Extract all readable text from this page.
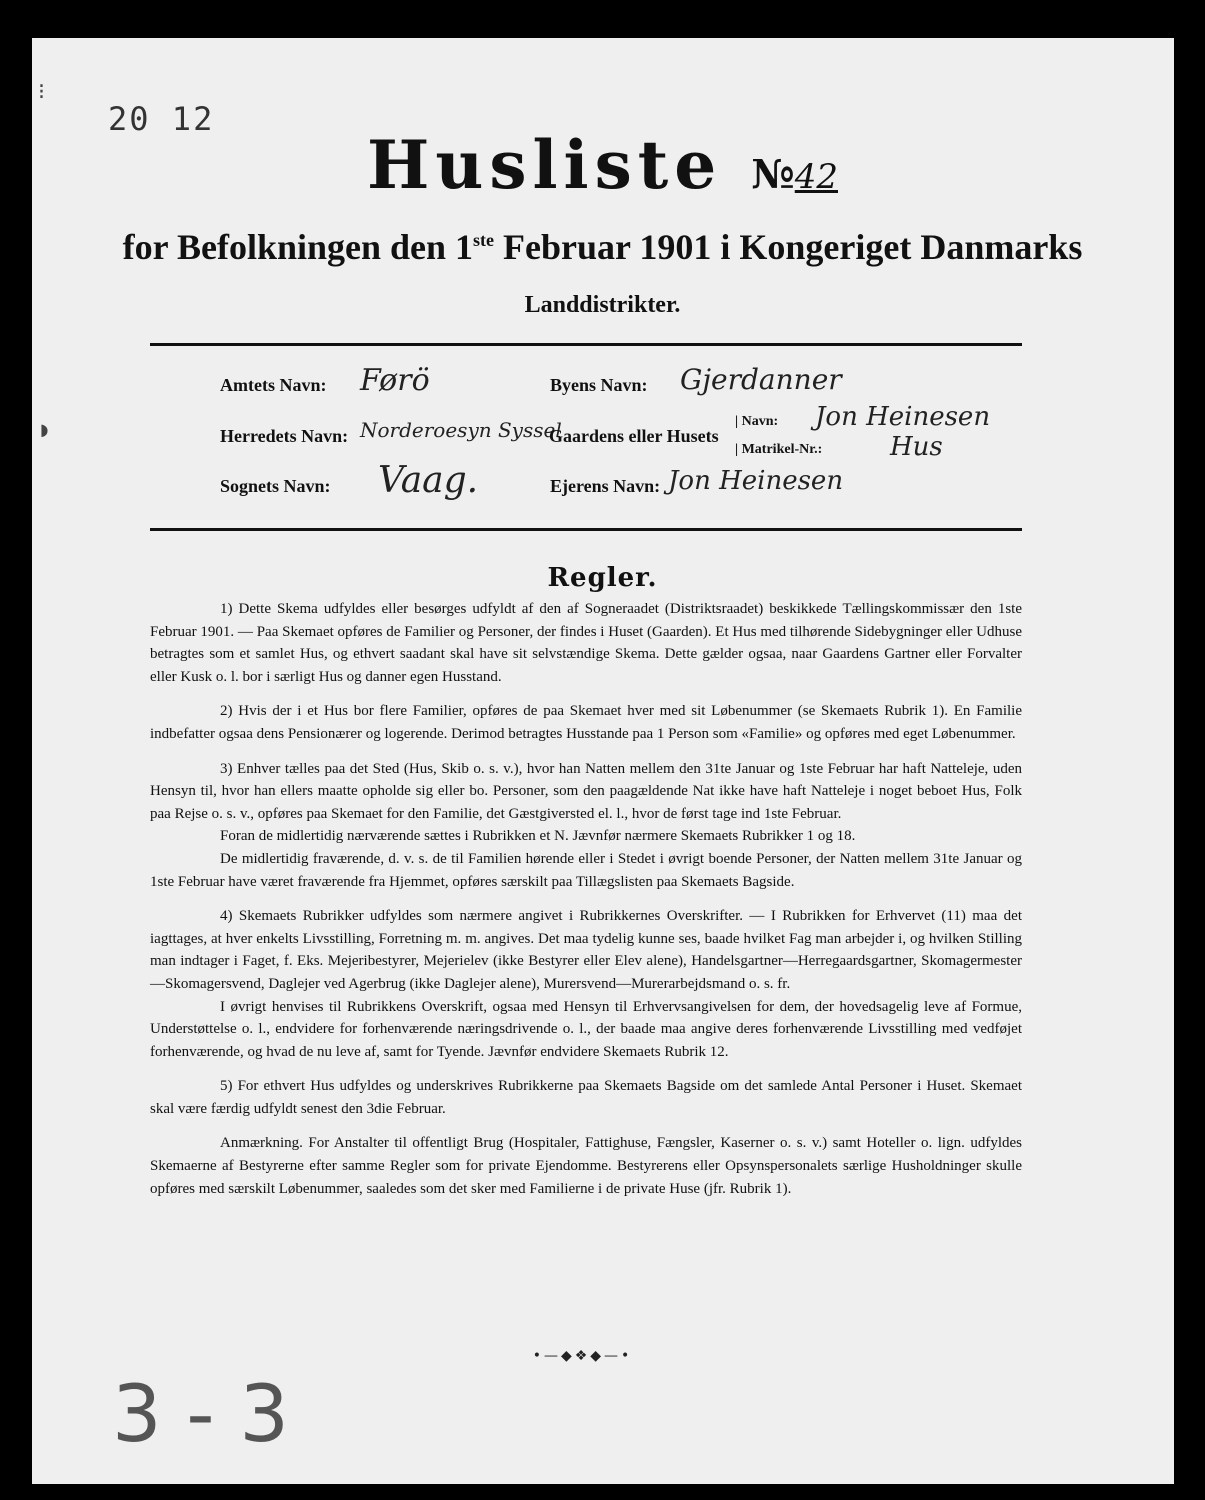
⁝
◗
20 12
Husliste №42
for Befolkningen den 1ste Februar 1901 i Kongeriget Danmarks
Landdistrikter.
Amtets Navn: Førö	Byens Navn: Gjerdanner
Herredets Navn: Norderoesyn Syssel
Gaardens eller Husets
| Navn:
| Matrikel-Nr.:
Jon Heinesen
Hus
Sognets Navn: Vaag.	Ejerens Navn: Jon Heinesen
Regler.

1) Dette Skema udfyldes eller besørges udfyldt af den af Sogneraadet (Distriktsraadet) beskikkede Tællingskommissær den 1ste Februar 1901. — Paa Skemaet opføres de Familier og Personer, der findes i Huset (Gaarden). Et Hus med tilhørende Sidebygninger eller Udhuse betragtes som et samlet Hus, og ethvert saadant skal have sit selvstændige Skema. Dette gælder ogsaa, naar Gaardens Gartner eller Forvalter eller Kusk o. l. bor i særligt Hus og danner egen Husstand.

2) Hvis der i et Hus bor flere Familier, opføres de paa Skemaet hver med sit Løbenummer (se Skemaets Rubrik 1). En Familie indbefatter ogsaa dens Pensionærer og logerende. Derimod betragtes Husstande paa 1 Person som «Familie» og opføres med eget Løbenummer.

3) Enhver tælles paa det Sted (Hus, Skib o. s. v.), hvor han Natten mellem den 31te Januar og 1ste Februar har haft Natteleje, uden Hensyn til, hvor han ellers maatte opholde sig eller bo. Personer, som den paagældende Nat ikke have haft Natteleje i noget beboet Hus, Folk paa Rejse o. s. v., opføres paa Skemaet for den Familie, det Gæstgiversted el. l., hvor de først tage ind 1ste Februar.

Foran de midlertidig nærværende sættes i Rubrikken et N. Jævnfør nærmere Skemaets Rubrikker 1 og 18.

De midlertidig fraværende, d. v. s. de til Familien hørende eller i Stedet i øvrigt boende Personer, der Natten mellem 31te Januar og 1ste Februar have været fraværende fra Hjemmet, opføres særskilt paa Tillægslisten paa Skemaets Bagside.

4) Skemaets Rubrikker udfyldes som nærmere angivet i Rubrikkernes Overskrifter. — I Rubrikken for Erhvervet (11) maa det iagttages, at hver enkelts Livsstilling, Forretning m. m. angives. Det maa tydelig kunne ses, baade hvilket Fag man arbejder i, og hvilken Stilling man indtager i Faget, f. Eks. Mejeribestyrer, Mejerielev (ikke Bestyrer eller Elev alene), Handelsgartner—Herregaardsgartner, Skomagermester—Skomagersvend, Daglejer ved Agerbrug (ikke Daglejer alene), Murersvend—Murerarbejdsmand o. s. fr.

I øvrigt henvises til Rubrikkens Overskrift, ogsaa med Hensyn til Erhvervsangivelsen for dem, der hovedsagelig leve af Formue, Understøttelse o. l., endvidere for forhenværende næringsdrivende o. l., der baade maa angive deres forhenværende Livsstilling med vedføjet forhenværende, og hvad de nu leve af, samt for Tyende. Jævnfør endvidere Skemaets Rubrik 12.

5) For ethvert Hus udfyldes og underskrives Rubrikkerne paa Skemaets Bagside om det samlede Antal Personer i Huset. Skemaet skal være færdig udfyldt senest den 3die Februar.

Anmærkning. For Anstalter til offentligt Brug (Hospitaler, Fattighuse, Fængsler, Kaserner o. s. v.) samt Hoteller o. lign. udfyldes Skemaerne af Bestyrerne efter samme Regler som for private Ejendomme. Bestyrerens eller Opsynspersonalets særlige Husholdninger skulle opføres med særskilt Løbenummer, saaledes som det sker med Familierne i de private Huse (jfr. Rubrik 1).

•—◆❖◆—•
3 - 3
